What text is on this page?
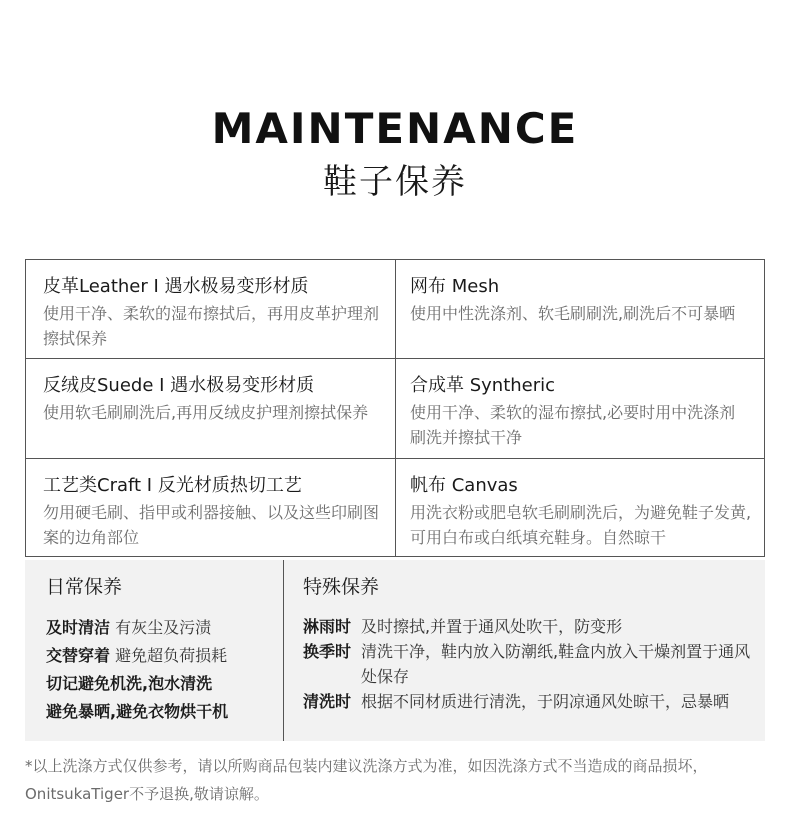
MAINTENANCE
鞋子保养
皮革Leather I 遇水极易变形材质
使用干净、柔软的湿布擦拭后，再用皮革护理剂擦拭保养
网布 Mesh
使用中性洗涤剂、软毛刷刷洗,刷洗后不可暴晒
反绒皮Suede I 遇水极易变形材质
使用软毛刷刷洗后,再用反绒皮护理剂擦拭保养
合成革 Syntheric
使用干净、柔软的湿布擦拭,必要时用中洗涤剂刷洗并擦拭干净
工艺类Craft I 反光材质热切工艺
勿用硬毛刷、指甲或利器接触、以及这些印刷图案的边角部位
帆布 Canvas
用洗衣粉或肥皂软毛刷刷洗后，为避免鞋子发黄,可用白布或白纸填充鞋身。自然晾干
日常保养
及时清洁 有灰尘及污渍
交替穿着 避免超负荷损耗
切记避免机洗,泡水清洗
避免暴晒,避免衣物烘干机
特殊保养
淋雨时 及时擦拭,并置于通风处吹干，防变形
换季时 清洗干净，鞋内放入防潮纸,鞋盒内放入干燥剂置于通风处保存
清洗时 根据不同材质进行清洗，于阴凉通风处晾干，忌暴晒
*以上洗涤方式仅供参考，请以所购商品包装内建议洗涤方式为准，如因洗涤方式不当造成的商品损坏，OnitsukaTiger不予退换,敬请谅解。
